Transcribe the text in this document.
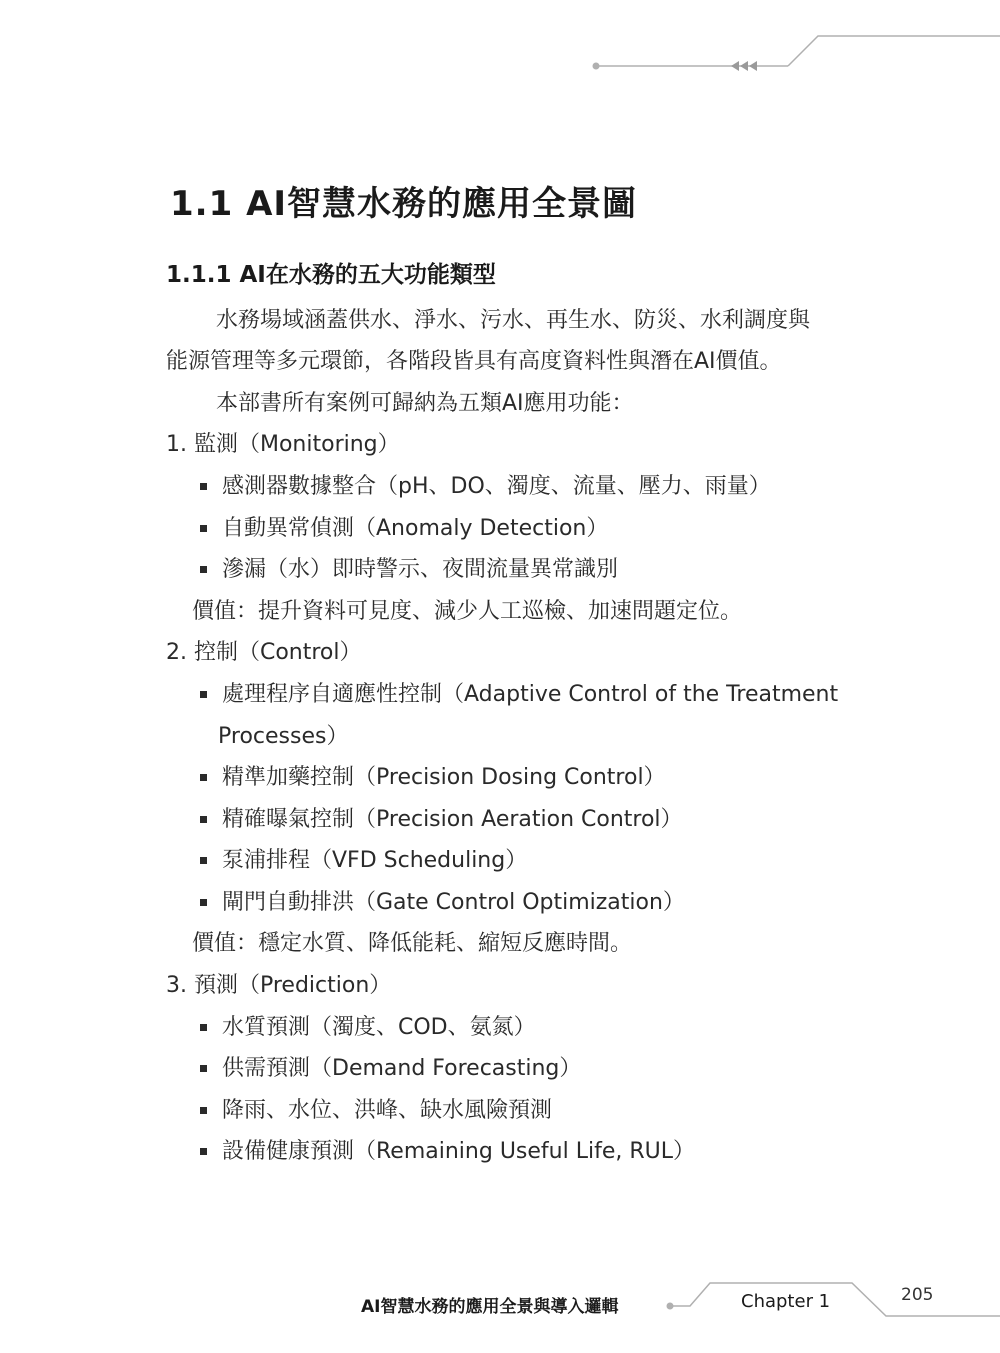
1.1 AI智慧水務的應用全景圖
1.1.1 AI在水務的五大功能類型
水務場域涵蓋供水、淨水、污水、再生水、防災、水利調度與
能源管理等多元環節，各階段皆具有高度資料性與潛在AI價值。
本部書所有案例可歸納為五類AI應用功能：
1. 監測（Monitoring）
感測器數據整合（pH、DO、濁度、流量、壓力、雨量）
自動異常偵測（Anomaly Detection）
滲漏（水）即時警示、夜間流量異常識別
價值：提升資料可見度、減少人工巡檢、加速問題定位。
2. 控制（Control）
處理程序自適應性控制（Adaptive Control of the Treatment
Processes）
精準加藥控制（Precision Dosing Control）
精確曝氣控制（Precision Aeration Control）
泵浦排程（VFD Scheduling）
閘門自動排洪（Gate Control Optimization）
價值：穩定水質、降低能耗、縮短反應時間。
3. 預測（Prediction）
水質預測（濁度、COD、氨氮）
供需預測（Demand Forecasting）
降雨、水位、洪峰、缺水風險預測
設備健康預測（Remaining Useful Life, RUL）
AI智慧水務的應用全景與導入邏輯	Chapter 1	205
